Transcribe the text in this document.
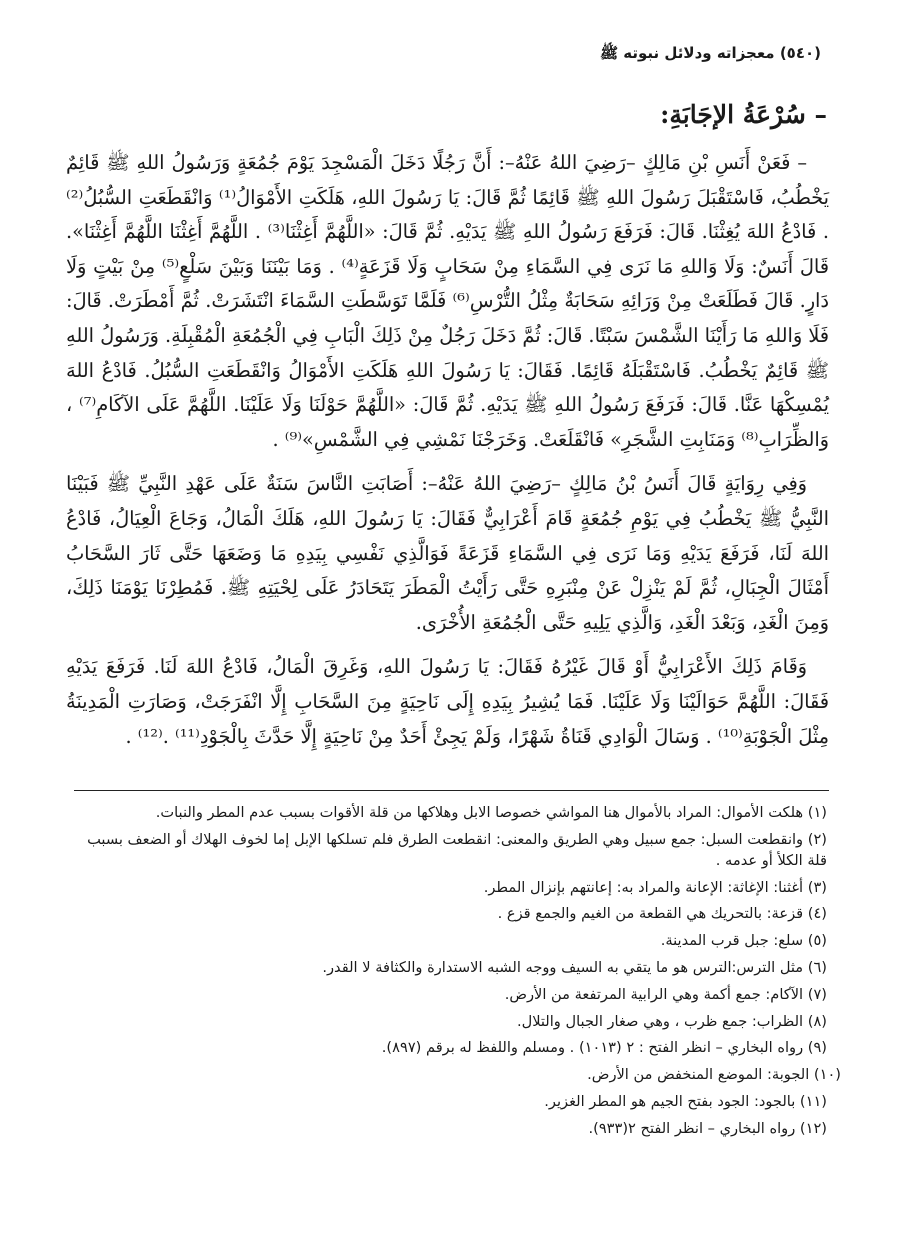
(٥٤٠) معجزاته ودلائل نبوته ﷺ
– سُرْعَةُ الإجَابَةِ:

– فَعَنْ أَنَسِ بْنِ مَالِكٍ –رَضِيَ اللهُ عَنْهُ–: أَنَّ رَجُلًا دَخَلَ الْمَسْجِدَ يَوْمَ جُمُعَةٍ وَرَسُولُ اللهِ ﷺ قَائِمٌ يَخْطُبُ، فَاسْتَقْبَلَ رَسُولَ اللهِ ﷺ قَائِمًا ثُمَّ قَالَ: يَا رَسُولَ اللهِ، هَلَكَتِ الأَمْوَالُ⁽¹⁾ وَانْقَطَعَتِ السُّبُلُ⁽²⁾ . فَادْعُ اللهَ يُغِثْنَا. قَالَ: فَرَفَعَ رَسُولُ اللهِ ﷺ يَدَيْهِ. ثُمَّ قَالَ: «اللَّهُمَّ أَغِثْنَا⁽³⁾ . اللَّهُمَّ أَغِثْنَا اللَّهُمَّ أَغِثْنَا». قَالَ أَنَسٌ: وَلَا وَاللهِ مَا نَرَى فِي السَّمَاءِ مِنْ سَحَابٍ وَلَا قَزَعَةٍ⁽⁴⁾ . وَمَا بَيْنَنَا وَبَيْنَ سَلْعٍ⁽⁵⁾ مِنْ بَيْتٍ وَلَا دَارٍ. قَالَ فَطَلَعَتْ مِنْ وَرَائِهِ سَحَابَةٌ مِثْلُ التُّرْسِ⁽⁶⁾ فَلَمَّا تَوَسَّطَتِ السَّمَاءَ انْتَشَرَتْ. ثُمَّ أَمْطَرَتْ. قَالَ: فَلَا وَاللهِ مَا رَأَيْنَا الشَّمْسَ سَبْتًا. قَالَ: ثُمَّ دَخَلَ رَجُلٌ مِنْ ذَلِكَ الْبَابِ فِي الْجُمُعَةِ الْمُقْبِلَةِ. وَرَسُولُ اللهِ ﷺ قَائِمٌ يَخْطُبُ. فَاسْتَقْبَلَهُ قَائِمًا. فَقَالَ: يَا رَسُولَ اللهِ هَلَكَتِ الأَمْوَالُ وَانْقَطَعَتِ السُّبُلُ. فَادْعُ اللهَ يُمْسِكْهَا عَنَّا. قَالَ: فَرَفَعَ رَسُولُ اللهِ ﷺ يَدَيْهِ. ثُمَّ قَالَ: «اللَّهُمَّ حَوْلَنَا وَلَا عَلَيْنَا. اللَّهُمَّ عَلَى الآكَامِ⁽⁷⁾ ، وَالظِّرَابِ⁽⁸⁾ وَمَنَابِتِ الشَّجَرِ» فَانْقَلَعَتْ. وَخَرَجْنَا نَمْشِي فِي الشَّمْسِ»⁽⁹⁾ .

وَفِي رِوَايَةٍ قَالَ أَنَسُ بْنُ مَالِكٍ –رَضِيَ اللهُ عَنْهُ–: أَصَابَتِ النَّاسَ سَنَةٌ عَلَى عَهْدِ النَّبِيِّ ﷺ فَبَيْنَا النَّبِيُّ ﷺ يَخْطُبُ فِي يَوْمِ جُمُعَةٍ قَامَ أَعْرَابِيٌّ فَقَالَ: يَا رَسُولَ اللهِ، هَلَكَ الْمَالُ، وَجَاعَ الْعِيَالُ، فَادْعُ اللهَ لَنَا، فَرَفَعَ يَدَيْهِ وَمَا نَرَى فِي السَّمَاءِ قَزَعَةً فَوَالَّذِي نَفْسِي بِيَدِهِ مَا وَضَعَهَا حَتَّى ثَارَ السَّحَابُ أَمْثَالَ الْجِبَالِ، ثُمَّ لَمْ يَنْزِلْ عَنْ مِنْبَرِهِ حَتَّى رَأَيْتُ الْمَطَرَ يَتَحَادَرُ عَلَى لِحْيَتِهِ ﷺ. فَمُطِرْنَا يَوْمَنَا ذَلِكَ، وَمِنَ الْغَدِ، وَبَعْدَ الْغَدِ، وَالَّذِي يَلِيهِ حَتَّى الْجُمُعَةِ الأُخْرَى.

وَقَامَ ذَلِكَ الأَعْرَابِيُّ أَوْ قَالَ غَيْرُهُ فَقَالَ: يَا رَسُولَ اللهِ، وَغَرِقَ الْمَالُ، فَادْعُ اللهَ لَنَا. فَرَفَعَ يَدَيْهِ فَقَالَ: اللَّهُمَّ حَوَالَيْنَا وَلَا عَلَيْنَا. فَمَا يُشِيرُ بِيَدِهِ إِلَى نَاحِيَةٍ مِنَ السَّحَابِ إِلَّا انْفَرَجَتْ، وَصَارَتِ الْمَدِينَةُ مِثْلَ الْجَوْبَةِ⁽¹⁰⁾ . وَسَالَ الْوَادِي قَنَاةُ شَهْرًا، وَلَمْ يَجِئْ أَحَدٌ مِنْ نَاحِيَةٍ إِلَّا حَدَّثَ بِالْجَوْدِ⁽¹¹⁾ .⁽¹²⁾ .

(١) هلكت الأموال: المراد بالأموال هنا المواشي خصوصا الابل وهلاكها من قلة الأقوات بسبب عدم المطر والنبات.
(٢) وانقطعت السبل: جمع سبيل وهي الطريق والمعنى: انقطعت الطرق فلم تسلكها الإبل إما لخوف الهلاك أو الضعف بسبب قلة الكلأ أو عدمه .
(٣) أغثنا: الإغاثة: الإعانة والمراد به: إعانتهم بإنزال المطر.
(٤) قزعة: بالتحريك هي القطعة من الغيم والجمع قزع .
(٥) سلع: جبل قرب المدينة.
(٦) مثل الترس:الترس هو ما يتقي به السيف ووجه الشبه الاستدارة والكثافة لا القدر.
(٧) الآكام: جمع أكمة وهي الرابية المرتفعة من الأرض.
(٨) الظراب: جمع ظرب ، وهي صغار الجبال والتلال.
(٩) رواه البخاري – انظر الفتح : ٢ (١٠١٣) . ومسلم واللفظ له برقم (٨٩٧).
(١٠) الجوبة: الموضع المنخفض من الأرض.
(١١) بالجود: الجود بفتح الجيم هو المطر الغزير.
(١٢) رواه البخاري – انظر الفتح ٢(٩٣٣).
